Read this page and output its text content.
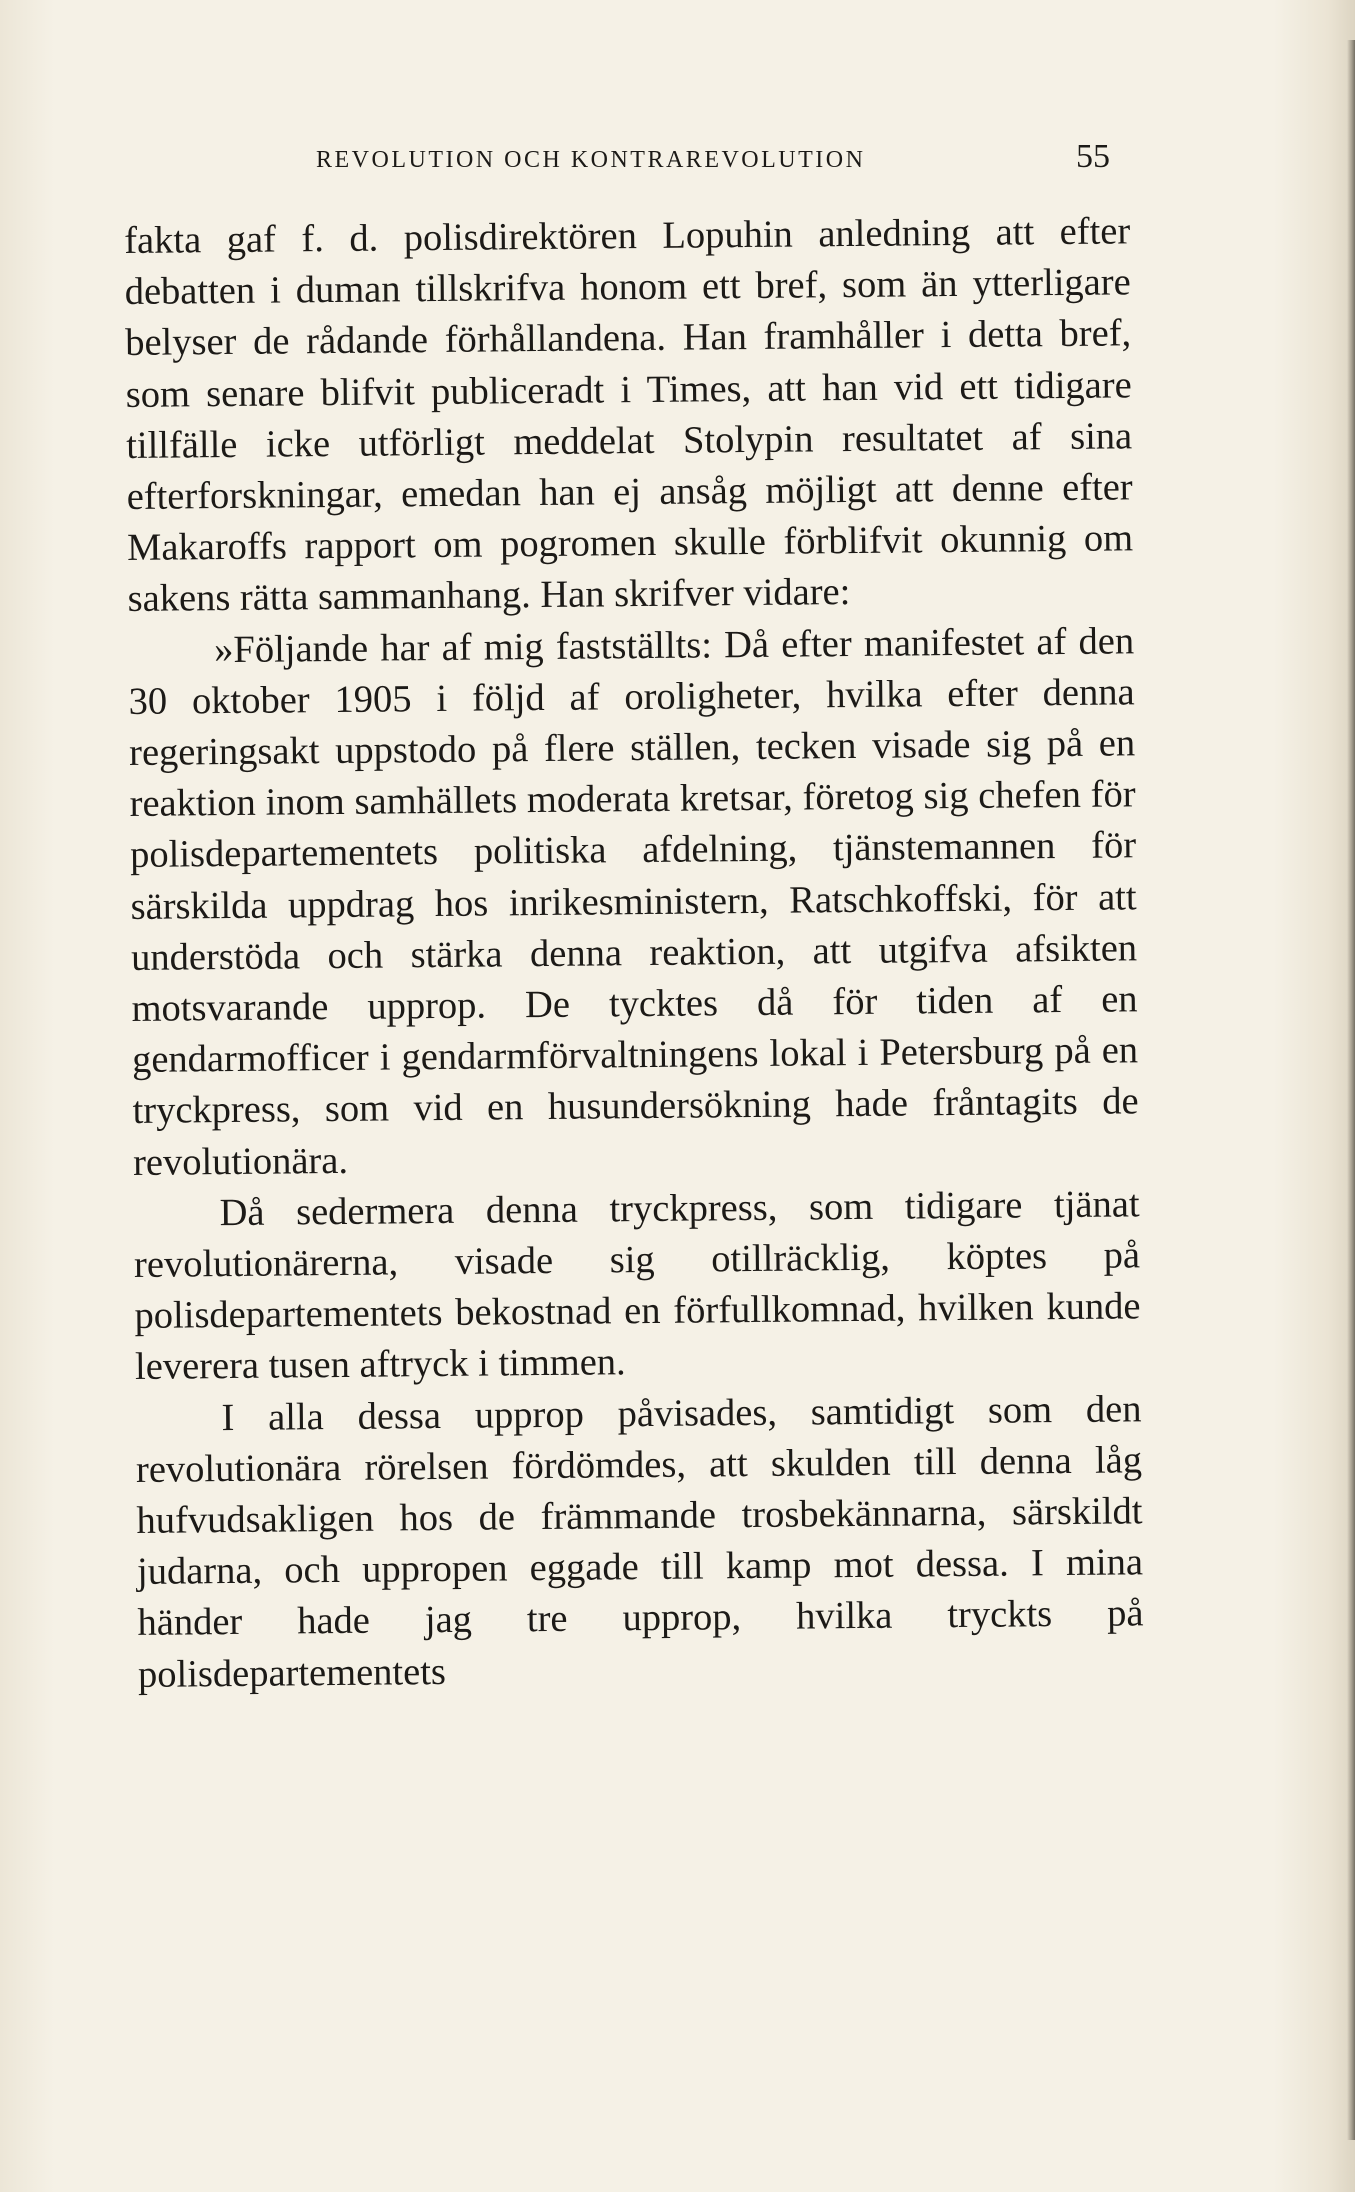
REVOLUTION OCH KONTRAREVOLUTION	55

fakta gaf f. d. polisdirektören Lopuhin anledning att efter debatten i duman tillskrifva honom ett bref, som än ytterligare belyser de rådande förhållandena. Han framhåller i detta bref, som senare blifvit publiceradt i Times, att han vid ett tidigare tillfälle icke utförligt meddelat Stolypin resultatet af sina efterforskningar, emedan han ej ansåg möjligt att denne efter Makaroffs rapport om pogromen skulle förblifvit okunnig om sakens rätta sammanhang. Han skrifver vidare:

»Följande har af mig fastställts: Då efter manifestet af den 30 oktober 1905 i följd af oroligheter, hvilka efter denna regeringsakt uppstodo på flere ställen, tecken visade sig på en reaktion inom samhällets moderata kretsar, företog sig chefen för polisdepartementets politiska afdelning, tjänstemannen för särskilda uppdrag hos inrikesministern, Ratschkoffski, för att understöda och stärka denna reaktion, att utgifva afsikten motsvarande upprop. De tycktes då för tiden af en gendarmofficer i gendarmförvaltningens lokal i Petersburg på en tryckpress, som vid en husundersökning hade fråntagits de revolutionära.

Då sedermera denna tryckpress, som tidigare tjänat revolutionärerna, visade sig otillräcklig, köptes på polisdepartementets bekostnad en förfullkomnad, hvilken kunde leverera tusen aftryck i timmen.

I alla dessa upprop påvisades, samtidigt som den revolutionära rörelsen fördömdes, att skulden till denna låg hufvudsakligen hos de främmande trosbekännarna, särskildt judarna, och uppropen eggade till kamp mot dessa. I mina händer hade jag tre upprop, hvilka tryckts på polisdepartementets
